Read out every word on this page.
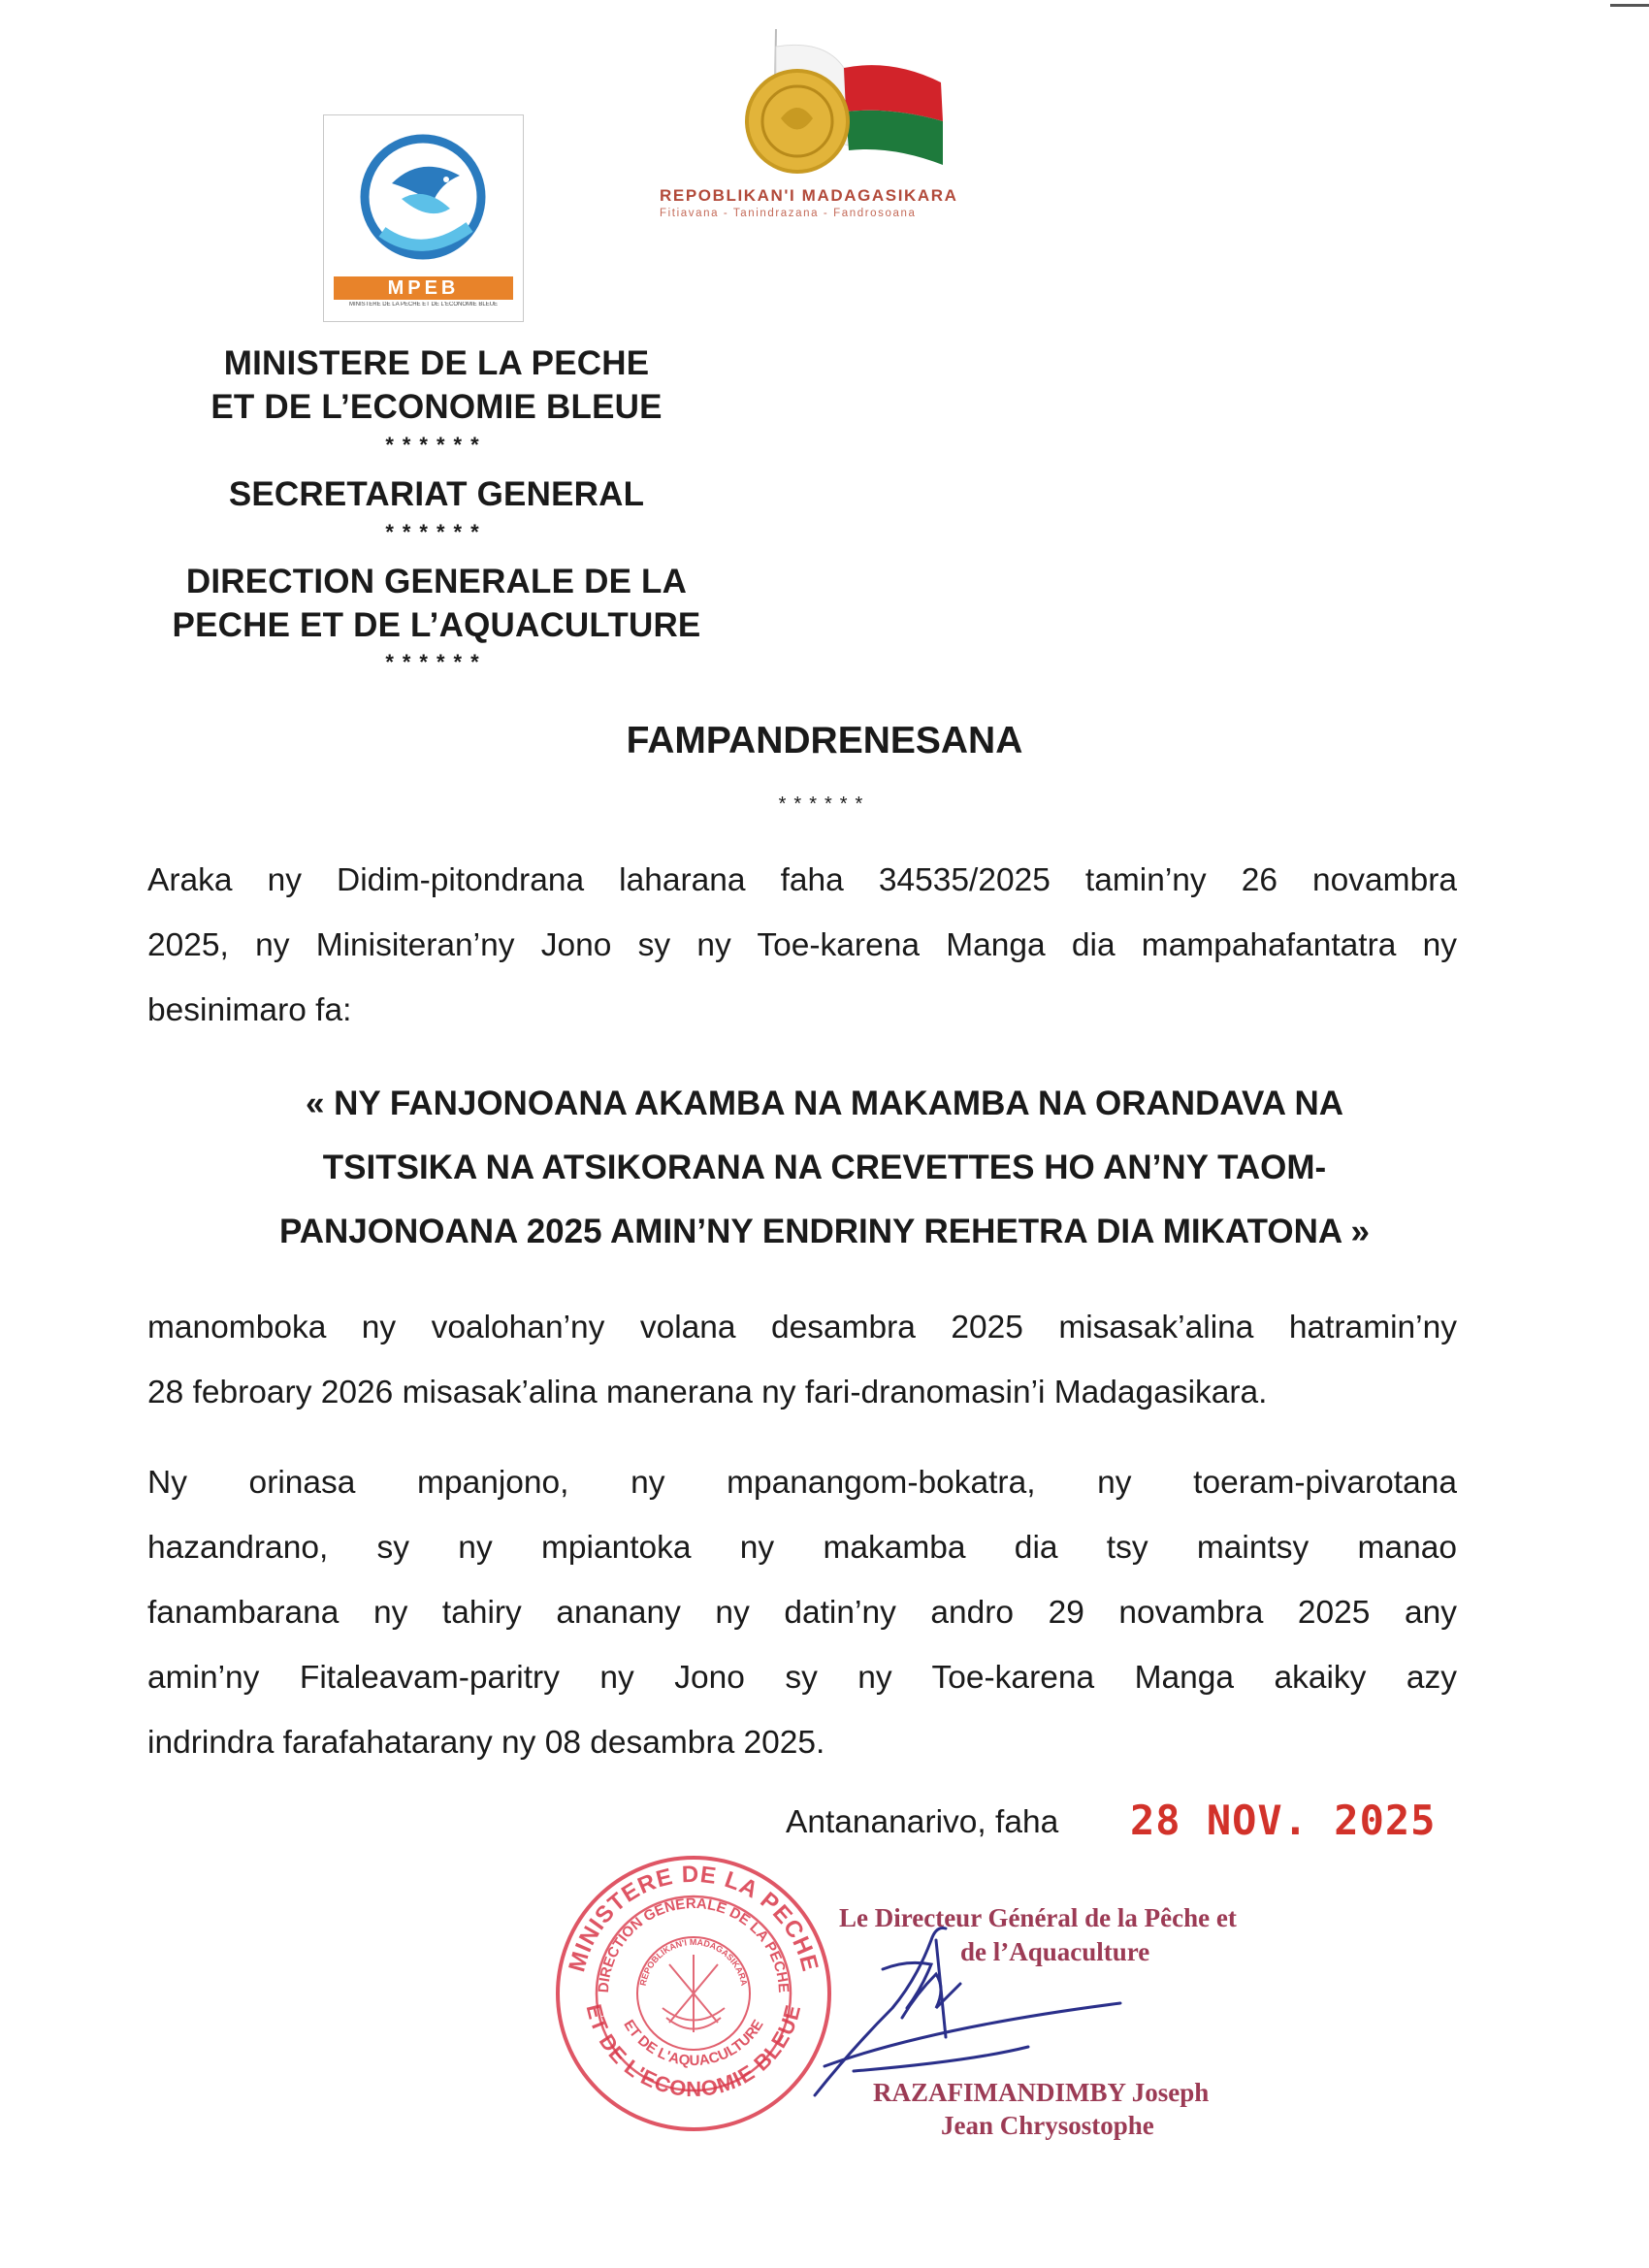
MPEB
MINISTERE DE LA PECHE ET DE L'ECONOMIE BLEUE
REPOBLIKAN'I MADAGASIKARA
Fitiavana - Tanindrazana - Fandrosoana
MINISTERE DE LA PECHE
ET DE L’ECONOMIE BLEUE
******
SECRETARIAT GENERAL
******
DIRECTION GENERALE DE LA
PECHE ET DE L’AQUACULTURE
******
FAMPANDRENESANA
******
Araka ny Didim-pitondrana laharana faha 34535/2025 tamin’ny 26 novambra
2025, ny Minisiteran’ny Jono sy ny Toe-karena Manga dia mampahafantatra ny
besinimaro fa:
« NY FANJONOANA AKAMBA NA MAKAMBA NA ORANDAVA NA
TSITSIKA NA ATSIKORANA NA CREVETTES HO AN’NY TAOM-
PANJONOANA 2025 AMIN’NY ENDRINY REHETRA DIA MIKATONA »
manomboka ny voalohan’ny volana desambra 2025 misasak’alina hatramin’ny
28 febroary 2026 misasak’alina manerana ny fari-dranomasin’i Madagasikara.
Ny orinasa mpanjono, ny mpanangom-bokatra, ny toeram-pivarotana
hazandrano, sy ny mpiantoka ny makamba dia tsy maintsy manao
fanambarana ny tahiry ananany ny datin’ny andro 29 novambra 2025 any
amin’ny Fitaleavam-paritry ny Jono sy ny Toe-karena Manga akaiky azy
indrindra farafahatarany ny 08 desambra 2025.
Antananarivo, faha 28 NOV. 2025
MINISTERE DE LA PECHE
ET DE L'ECONOMIE BLEUE
DIRECTION GENERALE DE LA PECHE
ET DE L'AQUACULTURE
REPOBLIKAN'I MADAGASIKARA
Le Directeur Général de la Pêche et
de l’Aquaculture
RAZAFIMANDIMBY Joseph
Jean Chrysostophe
